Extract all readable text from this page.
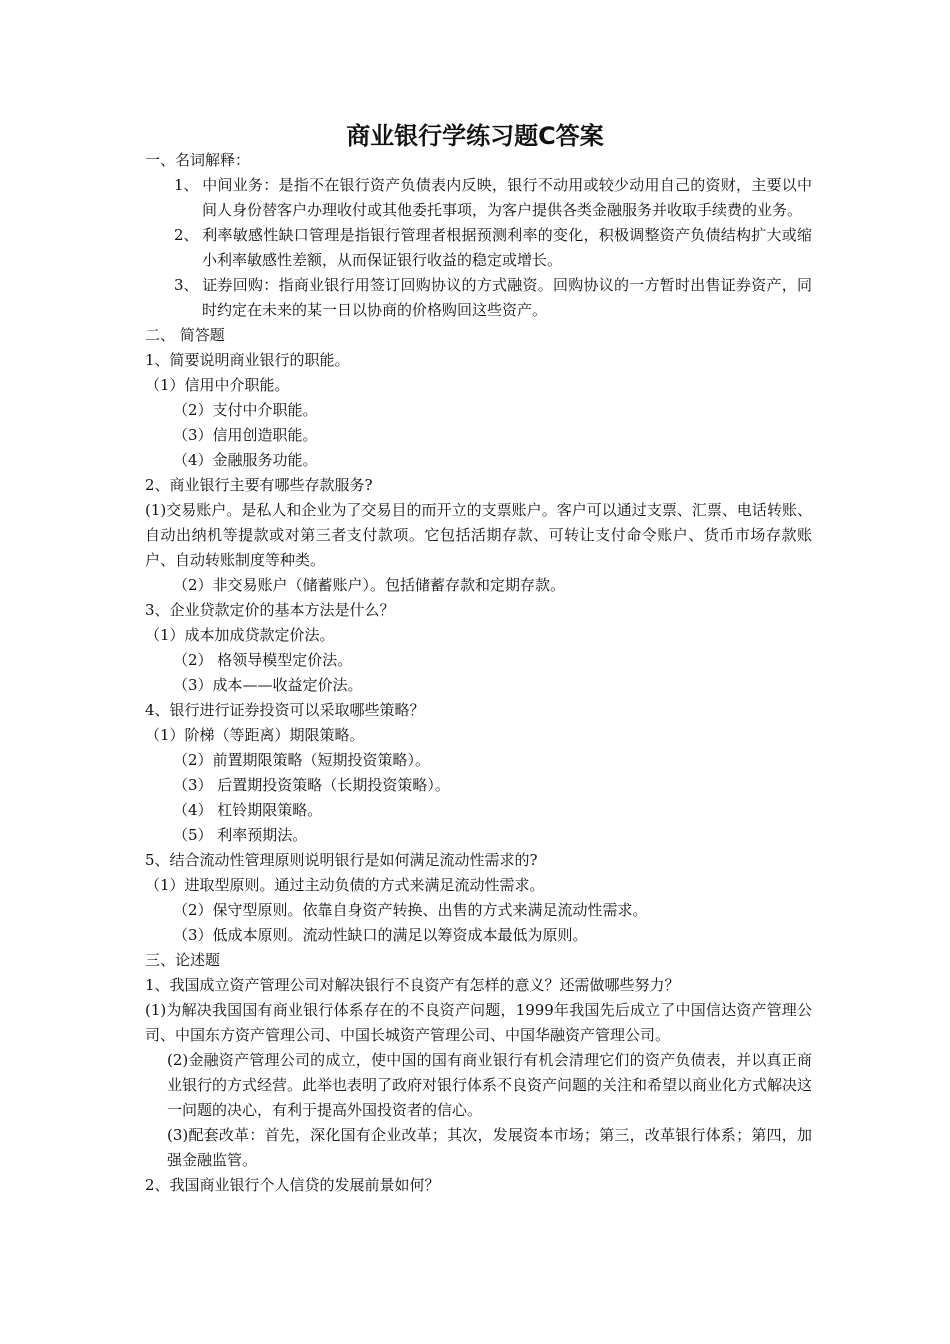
商业银行学练习题C答案

一、名词解释：

1、 中间业务：是指不在银行资产负债表内反映，银行不动用或较少动用自己的资财，主要以中间人身份替客户办理收付或其他委托事项，为客户提供各类金融服务并收取手续费的业务。

2、 利率敏感性缺口管理是指银行管理者根据预测利率的变化，积极调整资产负债结构扩大或缩小利率敏感性差额，从而保证银行收益的稳定或增长。

3、 证券回购：指商业银行用签订回购协议的方式融资。回购协议的一方暂时出售证券资产，同时约定在未来的某一日以协商的价格购回这些资产。

二、 简答题

1、简要说明商业银行的职能。

（1）信用中介职能。

（2）支付中介职能。

（3）信用创造职能。

（4）金融服务功能。

2、商业银行主要有哪些存款服务?

(1)交易账户。是私人和企业为了交易目的而开立的支票账户。客户可以通过支票、汇票、电话转账、自动出纳机等提款或对第三者支付款项。它包括活期存款、可转让支付命令账户、货币市场存款账户、自动转账制度等种类。

（2）非交易账户（储蓄账户）。包括储蓄存款和定期存款。

3、企业贷款定价的基本方法是什么？

（1）成本加成贷款定价法。

（2） 格领导模型定价法。

（3）成本——收益定价法。

4、银行进行证券投资可以采取哪些策略？

（1）阶梯（等距离）期限策略。

（2）前置期限策略（短期投资策略）。

（3） 后置期投资策略（长期投资策略）。

（4） 杠铃期限策略。

（5） 利率预期法。

5、结合流动性管理原则说明银行是如何满足流动性需求的?

（1）进取型原则。通过主动负债的方式来满足流动性需求。

（2）保守型原则。依靠自身资产转换、出售的方式来满足流动性需求。

（3）低成本原则。流动性缺口的满足以筹资成本最低为原则。

三、论述题

1、我国成立资产管理公司对解决银行不良资产有怎样的意义？还需做哪些努力？

(1)为解决我国国有商业银行体系存在的不良资产问题，1999年我国先后成立了中国信达资产管理公司、中国东方资产管理公司、中国长城资产管理公司、中国华融资产管理公司。

(2)金融资产管理公司的成立，使中国的国有商业银行有机会清理它们的资产负债表，并以真正商业银行的方式经营。此举也表明了政府对银行体系不良资产问题的关注和希望以商业化方式解决这一问题的决心，有利于提高外国投资者的信心。

(3)配套改革：首先，深化国有企业改革；其次，发展资本市场；第三，改革银行体系；第四，加强金融监管。

2、我国商业银行个人信贷的发展前景如何？
